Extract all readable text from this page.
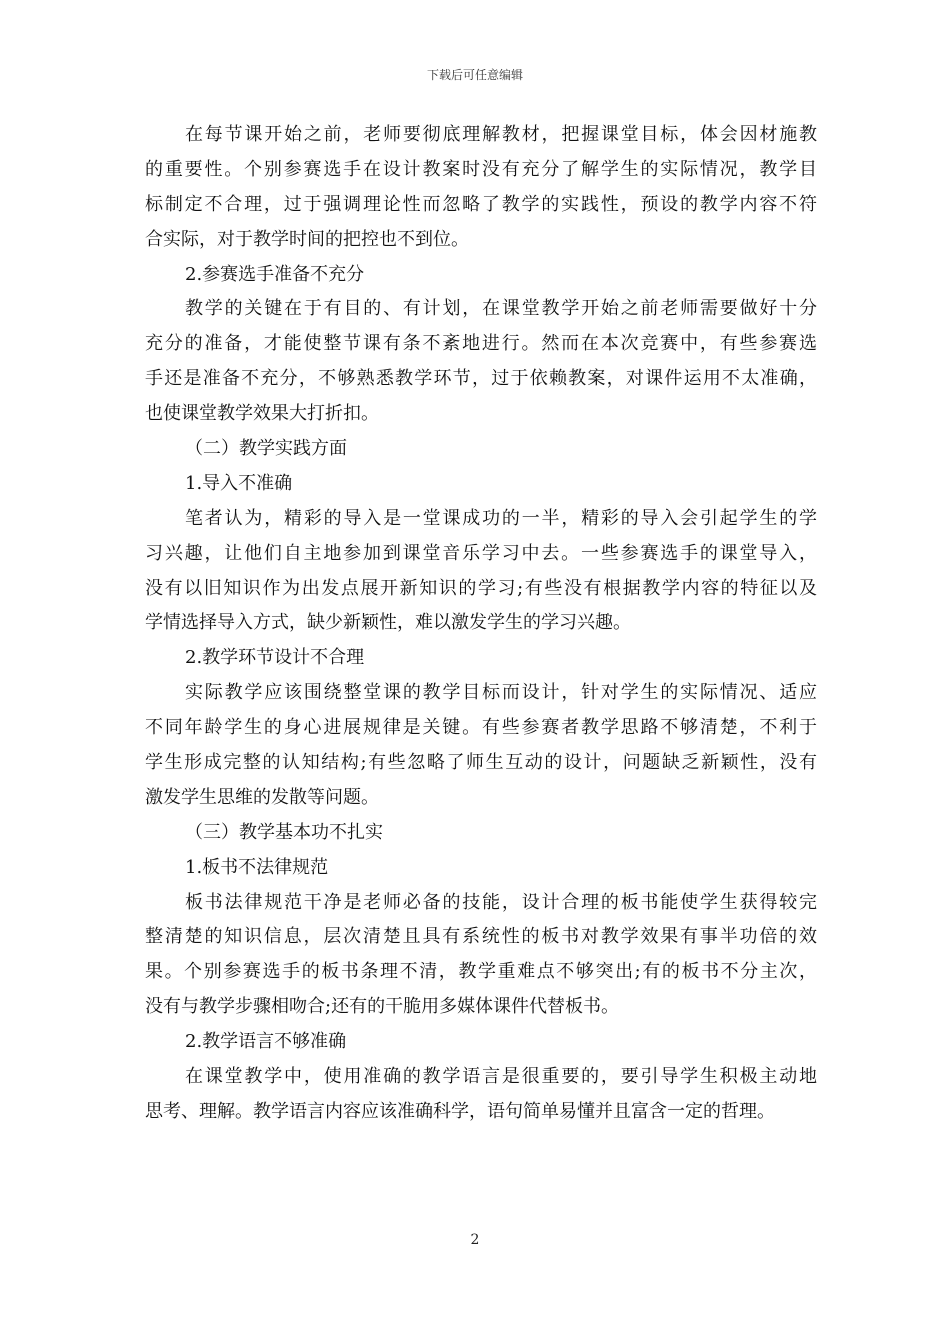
下载后可任意编辑
在每节课开始之前，老师要彻底理解教材，把握课堂目标，体会因材施教
的重要性。个别参赛选手在设计教案时没有充分了解学生的实际情况，教学目
标制定不合理，过于强调理论性而忽略了教学的实践性，预设的教学内容不符
合实际，对于教学时间的把控也不到位。
2.参赛选手准备不充分
教学的关键在于有目的、有计划，在课堂教学开始之前老师需要做好十分
充分的准备，才能使整节课有条不紊地进行。然而在本次竞赛中，有些参赛选
手还是准备不充分，不够熟悉教学环节，过于依赖教案，对课件运用不太准确，
也使课堂教学效果大打折扣。
（二）教学实践方面
1.导入不准确
笔者认为，精彩的导入是一堂课成功的一半，精彩的导入会引起学生的学
习兴趣，让他们自主地参加到课堂音乐学习中去。一些参赛选手的课堂导入，
没有以旧知识作为出发点展开新知识的学习;有些没有根据教学内容的特征以及
学情选择导入方式，缺少新颖性，难以激发学生的学习兴趣。
2.教学环节设计不合理
实际教学应该围绕整堂课的教学目标而设计，针对学生的实际情况、适应
不同年龄学生的身心进展规律是关键。有些参赛者教学思路不够清楚，不利于
学生形成完整的认知结构;有些忽略了师生互动的设计，问题缺乏新颖性，没有
激发学生思维的发散等问题。
（三）教学基本功不扎实
1.板书不法律规范
板书法律规范干净是老师必备的技能，设计合理的板书能使学生获得较完
整清楚的知识信息，层次清楚且具有系统性的板书对教学效果有事半功倍的效
果。个别参赛选手的板书条理不清，教学重难点不够突出;有的板书不分主次，
没有与教学步骤相吻合;还有的干脆用多媒体课件代替板书。
2.教学语言不够准确
在课堂教学中，使用准确的教学语言是很重要的，要引导学生积极主动地
思考、理解。教学语言内容应该准确科学，语句简单易懂并且富含一定的哲理。
2
